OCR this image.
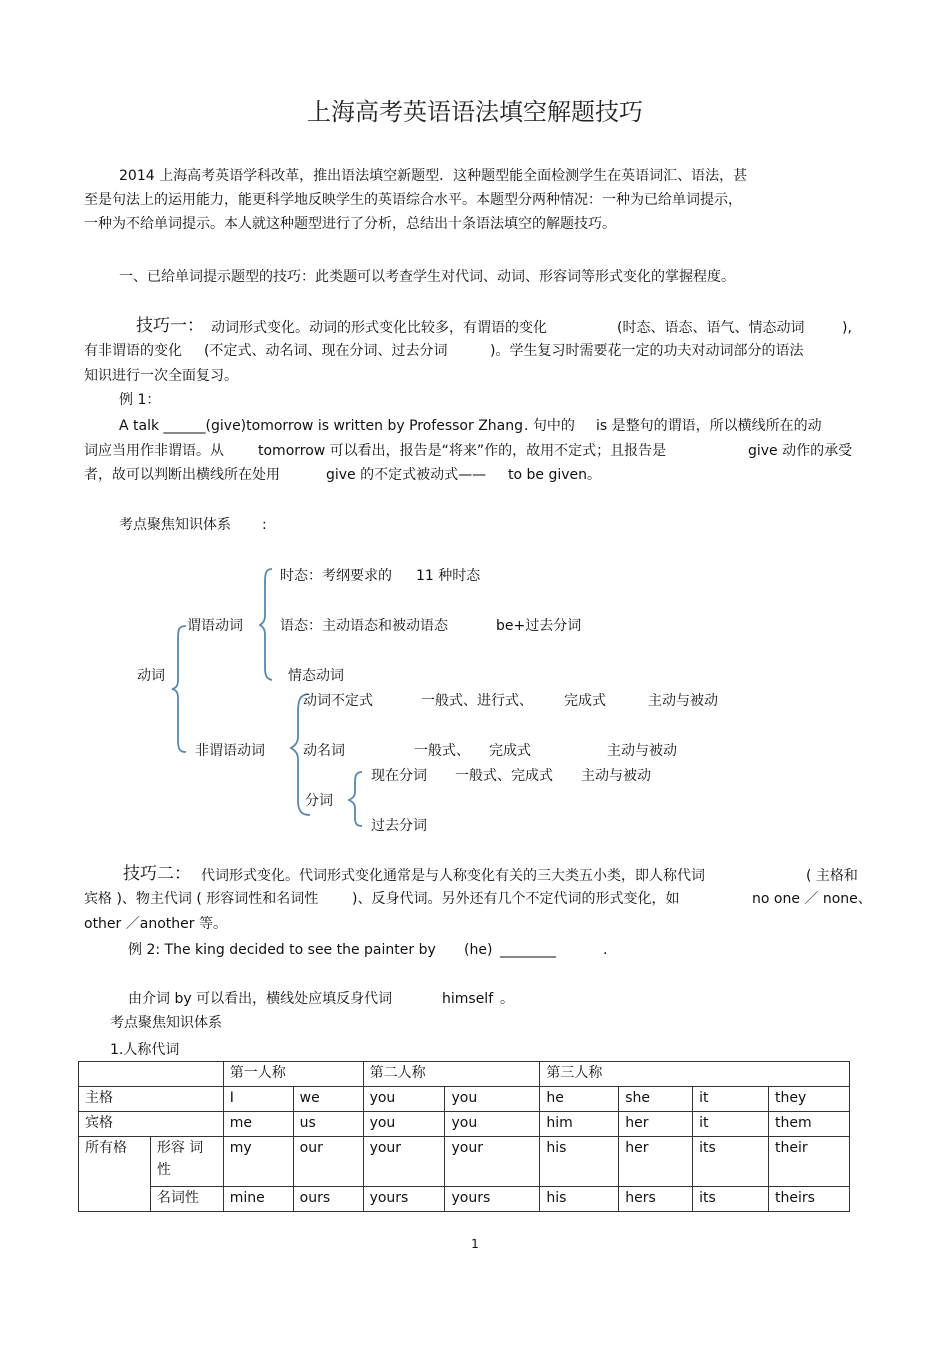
上海高考英语语法填空解题技巧
2014 上海高考英语学科改革，推出语法填空新题型．这种题型能全面检测学生在英语词汇、语法，甚
至是句法上的运用能力，能更科学地反映学生的英语综合水平。本题型分两种情况：一种为已给单词提示，
一种为不给单词提示。本人就这种题型进行了分析，总结出十条语法填空的解题技巧。
一、已给单词提示题型的技巧：此类题可以考查学生对代词、动词、形容词等形式变化的掌握程度。
技巧一： 动词形式变化。动词的形式变化比较多，有谓语的变化	(时态、语态、语气、情态动词	),
有非谓语的变化 (不定式、动名词、现在分词、过去分词	)。学生复习时需要花一定的功夫对动词部分的语法
知识进行一次全面复习。
例 1：
A talk ______(give)tomorrow is written by Professor Zhang . 句中的 is 是整句的谓语，所以横线所在的动
词应当用作非谓语。从 tomorrow 可以看出，报告是“将来”作的，故用不定式；且报告是	give 动作的承受
者，故可以判断出横线所在处用	give 的不定式被动式—— to be given。
考点聚焦知识体系 :
时态：考纲要求的 11 种时态
谓语动词	语态：主动语态和被动语态	be+过去分词
动词	情态动词
动词不定式	一般式、进行式、 完成式	主动与被动
非谓语动词	动名词	一般式、 完成式	主动与被动
现在分词 一般式、完成式 主动与被动
分词
过去分词
技巧二： 代词形式变化。代词形式变化通常是与人称变化有关的三大类五小类，即人称代词	( 主格和
宾格 )、物主代词 ( 形容词性和名词性 )、反身代词。另外还有几个不定代词的形式变化，如	no one ／ none、
other ／another 等。
例 2: The king decided to see the painter by (he) ________	.
由介词 by 可以看出，横线处应填反身代词	himself 。
考点聚焦知识体系
1.人称代词
		第一人称		第二人称		第三人称			
主格		I	we	you	you	he	she	it	they
宾格		me	us	you	you	him	her	it	them
所有格	形容 词性	my	our	your	your	his	her	its	their
	名词性	mine	ours	yours	yours	his	hers	its	theirs
1
